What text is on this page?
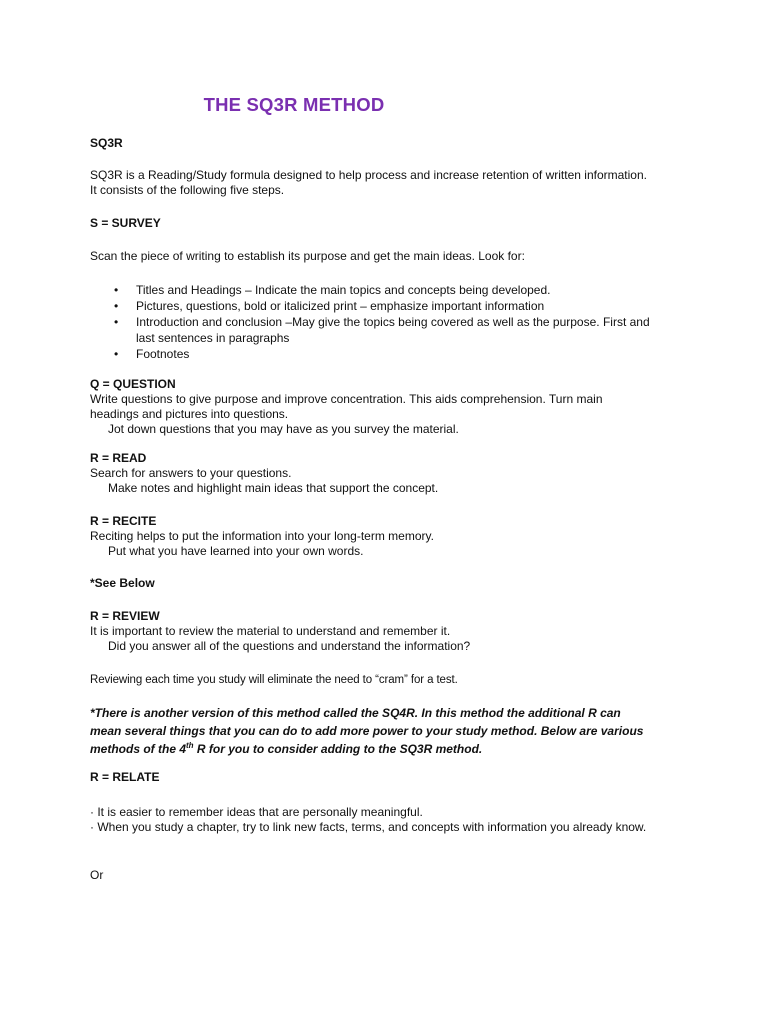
THE SQ3R METHOD

SQ3R

SQ3R is a Reading/Study formula designed to help process and increase retention of written information.
It consists of the following five steps.

S = SURVEY

Scan the piece of writing to establish its purpose and get the main ideas. Look for:

• Titles and Headings – Indicate the main topics and concepts being developed.
• Pictures, questions, bold or italicized print – emphasize important information
• Introduction and conclusion –May give the topics being covered as well as the purpose. First and
last sentences in paragraphs
• Footnotes

Q = QUESTION
Write questions to give purpose and improve concentration. This aids comprehension. Turn main
headings and pictures into questions.
Jot down questions that you may have as you survey the material.

R = READ
Search for answers to your questions.
Make notes and highlight main ideas that support the concept.

R = RECITE
Reciting helps to put the information into your long-term memory.
Put what you have learned into your own words.

*See Below

R = REVIEW
It is important to review the material to understand and remember it.
Did you answer all of the questions and understand the information?

Reviewing each time you study will eliminate the need to “cram” for a test.

*There is another version of this method called the SQ4R. In this method the additional R can
mean several things that you can do to add more power to your study method. Below are various
methods of the 4th R for you to consider adding to the SQ3R method.

R = RELATE

· It is easier to remember ideas that are personally meaningful.
· When you study a chapter, try to link new facts, terms, and concepts with information you already know.

Or
